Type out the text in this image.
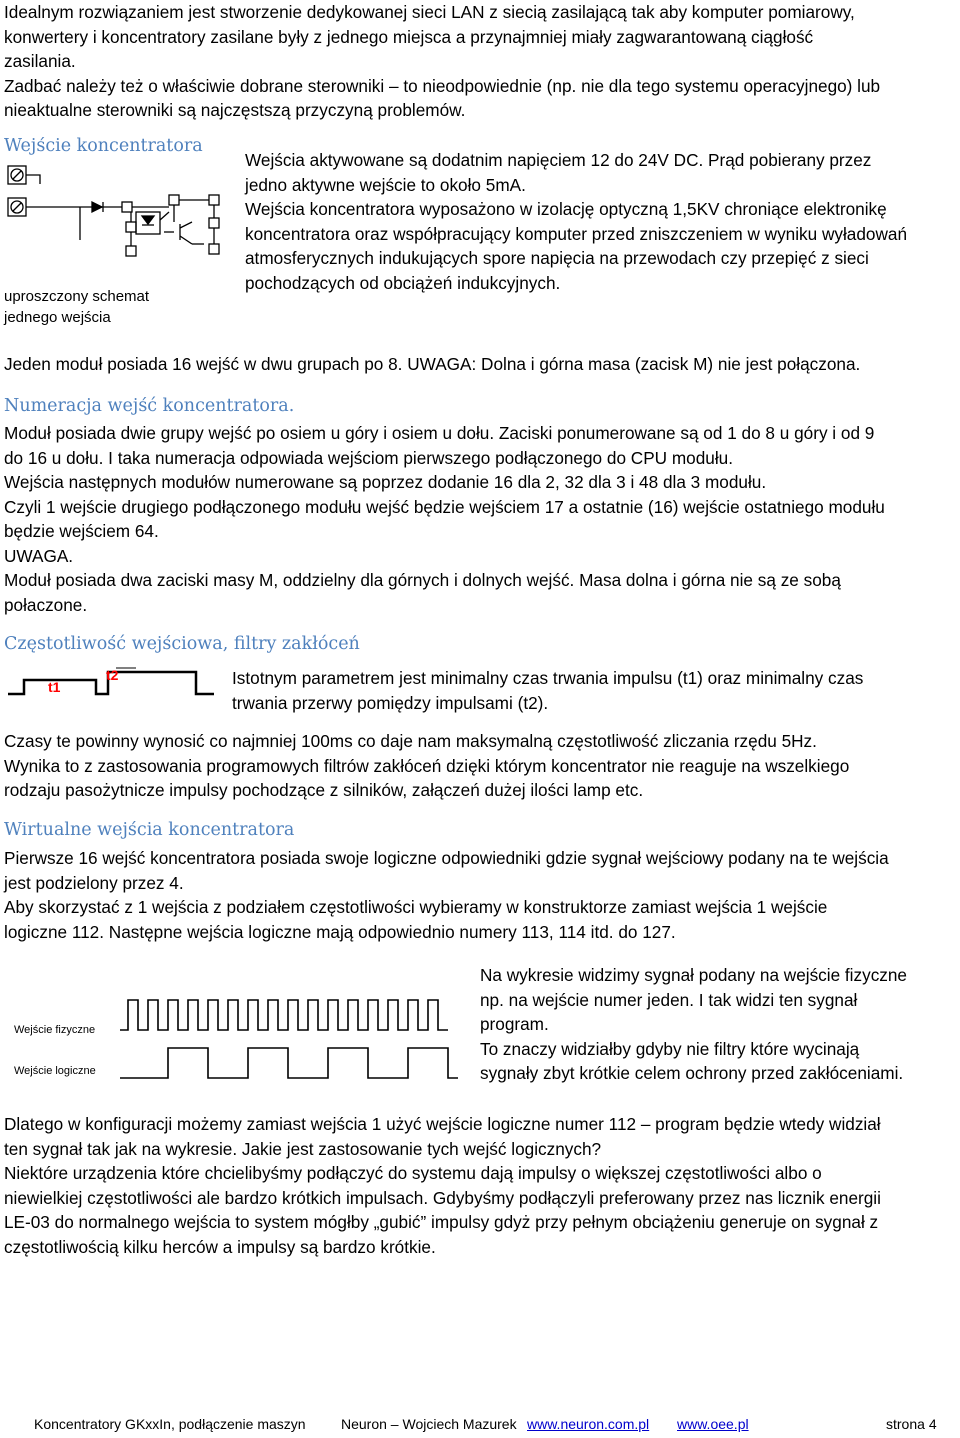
Idealnym rozwiązaniem jest stworzenie dedykowanej sieci LAN z siecią zasilającą tak aby komputer pomiarowy,
konwertery i koncentratory zasilane były z jednego miejsca a przynajmniej miały zagwarantowaną ciągłość
zasilania.
Zadbać należy też o właściwie dobrane sterowniki – to nieodpowiednie (np. nie dla tego systemu operacyjnego) lub
nieaktualne sterowniki są najczęstszą przyczyną problemów.
Wejście koncentratora
uproszczony schemat
jednego wejścia
Wejścia aktywowane są dodatnim napięciem 12 do 24V DC. Prąd pobierany przez
jedno aktywne wejście to około 5mA.
Wejścia koncentratora wyposażono w izolację optyczną 1,5KV chroniące elektronikę
koncentratora oraz współpracujący komputer przed zniszczeniem w wyniku wyładowań
atmosferycznych indukujących spore napięcia na przewodach czy przepięć z sieci
pochodzących od obciążeń indukcyjnych.
Jeden moduł posiada 16 wejść w dwu grupach po 8. UWAGA: Dolna i górna masa (zacisk M) nie jest połączona.
Numeracja wejść koncentratora.
Moduł posiada dwie grupy wejść po osiem u góry i osiem u dołu. Zaciski ponumerowane są od 1 do 8 u góry i od 9
do 16 u dołu. I taka numeracja odpowiada wejściom pierwszego podłączonego do CPU modułu.
Wejścia następnych modułów numerowane są poprzez dodanie 16 dla 2, 32 dla 3 i 48 dla 3 modułu.
Czyli 1 wejście drugiego podłączonego modułu wejść będzie wejściem 17 a ostatnie (16) wejście ostatniego modułu
będzie wejściem 64.
UWAGA.
Moduł posiada dwa zaciski masy M, oddzielny dla górnych i dolnych wejść. Masa dolna i górna nie są ze sobą
połaczone.
Częstotliwość wejściowa, filtry zakłóceń
t1
t2	Istotnym parametrem jest minimalny czas trwania impulsu (t1) oraz minimalny czas
trwania przerwy pomiędzy impulsami (t2).
Czasy te powinny wynosić co najmniej 100ms co daje nam maksymalną częstotliwość zliczania rzędu 5Hz.
Wynika to z zastosowania programowych filtrów zakłóceń dzięki którym koncentrator nie reaguje na wszelkiego
rodzaju pasożytnicze impulsy pochodzące z silników, załączeń dużej ilości lamp etc.
Wirtualne wejścia koncentratora
Pierwsze 16 wejść koncentratora posiada swoje logiczne odpowiedniki gdzie sygnał wejściowy podany na te wejścia
jest podzielony przez 4.
Aby skorzystać z 1 wejścia z podziałem częstotliwości wybieramy w konstruktorze zamiast wejścia 1 wejście
logiczne 112. Następne wejścia logiczne mają odpowiednio numery 113, 114 itd. do 127.
Wejście fizyczne
Wejście logiczne
Na wykresie widzimy sygnał podany na wejście fizyczne
np. na wejście numer jeden. I tak widzi ten sygnał
program.
To znaczy widziałby gdyby nie filtry które wycinają
sygnały zbyt krótkie celem ochrony przed zakłóceniami.
Dlatego w konfiguracji możemy zamiast wejścia 1 użyć wejście logiczne numer 112 – program będzie wtedy widział
ten sygnał tak jak na wykresie. Jakie jest zastosowanie tych wejść logicznych?
Niektóre urządzenia które chcielibyśmy podłączyć do systemu dają impulsy o większej częstotliwości albo o
niewielkiej częstotliwości ale bardzo krótkich impulsach. Gdybyśmy podłączyli preferowany przez nas licznik energii
LE-03 do normalnego wejścia to system mógłby „gubić” impulsy gdyż przy pełnym obciążeniu generuje on sygnał z
częstotliwością kilku herców a impulsy są bardzo krótkie.
Koncentratory GKxxIn, podłączenie maszyn	Neuron – Wojciech Mazurek www.neuron.com.pl www.oee.pl	strona 4
